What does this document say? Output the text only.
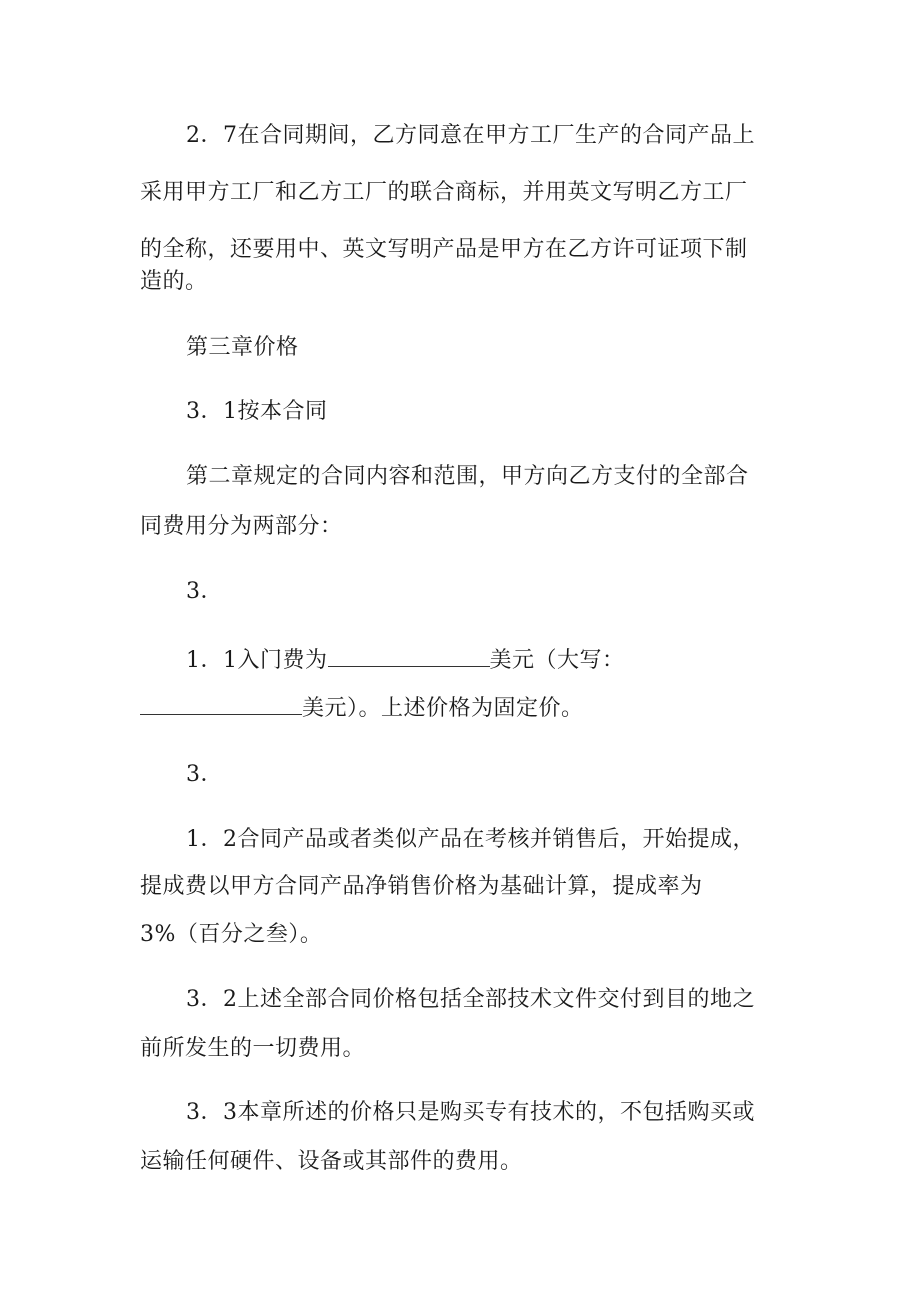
2．7在合同期间，乙方同意在甲方工厂生产的合同产品上
采用甲方工厂和乙方工厂的联合商标，并用英文写明乙方工厂
的全称，还要用中、英文写明产品是甲方在乙方许可证项下制
造的。
第三章价格
3．1按本合同
第二章规定的合同内容和范围，甲方向乙方支付的全部合
同费用分为两部分：
3．
1．1入门费为	美元（大写：
美元）。上述价格为固定价。
3．
1．2合同产品或者类似产品在考核并销售后，开始提成，
提成费以甲方合同产品净销售价格为基础计算，提成率为
3%（百分之叁）。
3．2上述全部合同价格包括全部技术文件交付到目的地之
前所发生的一切费用。
3．3本章所述的价格只是购买专有技术的，不包括购买或
运输任何硬件、设备或其部件的费用。
